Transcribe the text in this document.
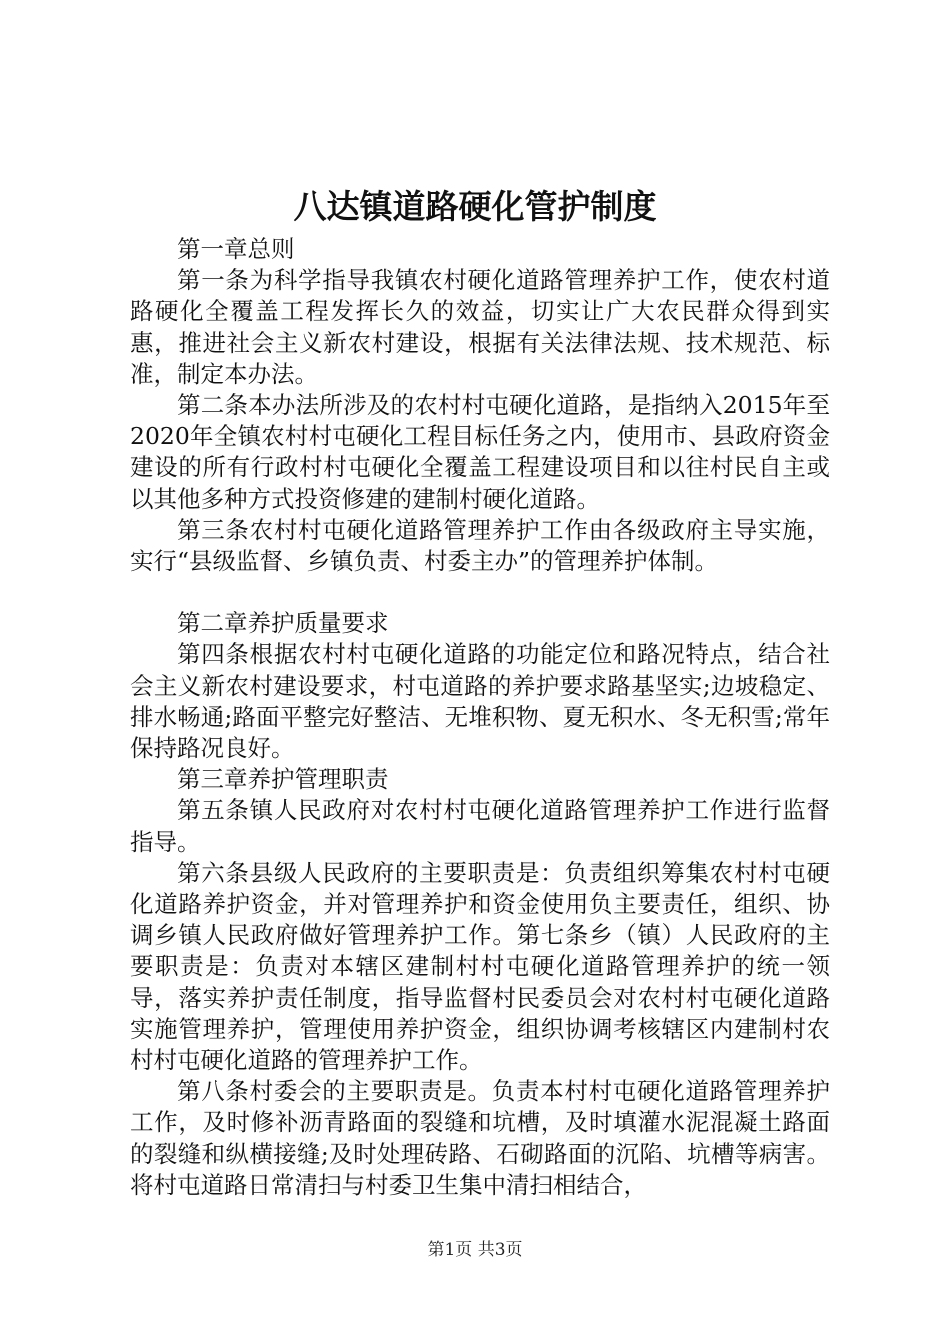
八达镇道路硬化管护制度

第一章总则

第一条为科学指导我镇农村硬化道路管理养护工作，使农村道路硬化全覆盖工程发挥长久的效益，切实让广大农民群众得到实惠，推进社会主义新农村建设，根据有关法律法规、技术规范、标准，制定本办法。

第二条本办法所涉及的农村村屯硬化道路，是指纳入2015年至2020年全镇农村村屯硬化工程目标任务之内，使用市、县政府资金建设的所有行政村村屯硬化全覆盖工程建设项目和以往村民自主或以其他多种方式投资修建的建制村硬化道路。

第三条农村村屯硬化道路管理养护工作由各级政府主导实施，实行“县级监督、乡镇负责、村委主办”的管理养护体制。

第二章养护质量要求

第四条根据农村村屯硬化道路的功能定位和路况特点，结合社会主义新农村建设要求，村屯道路的养护要求路基坚实;边坡稳定、排水畅通;路面平整完好整洁、无堆积物、夏无积水、冬无积雪;常年保持路况良好。

第三章养护管理职责

第五条镇人民政府对农村村屯硬化道路管理养护工作进行监督指导。

第六条县级人民政府的主要职责是：负责组织筹集农村村屯硬化道路养护资金，并对管理养护和资金使用负主要责任，组织、协调乡镇人民政府做好管理养护工作。第七条乡（镇）人民政府的主要职责是：负责对本辖区建制村村屯硬化道路管理养护的统一领导，落实养护责任制度，指导监督村民委员会对农村村屯硬化道路实施管理养护，管理使用养护资金，组织协调考核辖区内建制村农村村屯硬化道路的管理养护工作。

第八条村委会的主要职责是。负责本村村屯硬化道路管理养护工作，及时修补沥青路面的裂缝和坑槽，及时填灌水泥混凝土路面的裂缝和纵横接缝;及时处理砖路、石砌路面的沉陷、坑槽等病害。将村屯道路日常清扫与村委卫生集中清扫相结合，

第1页 共3页
